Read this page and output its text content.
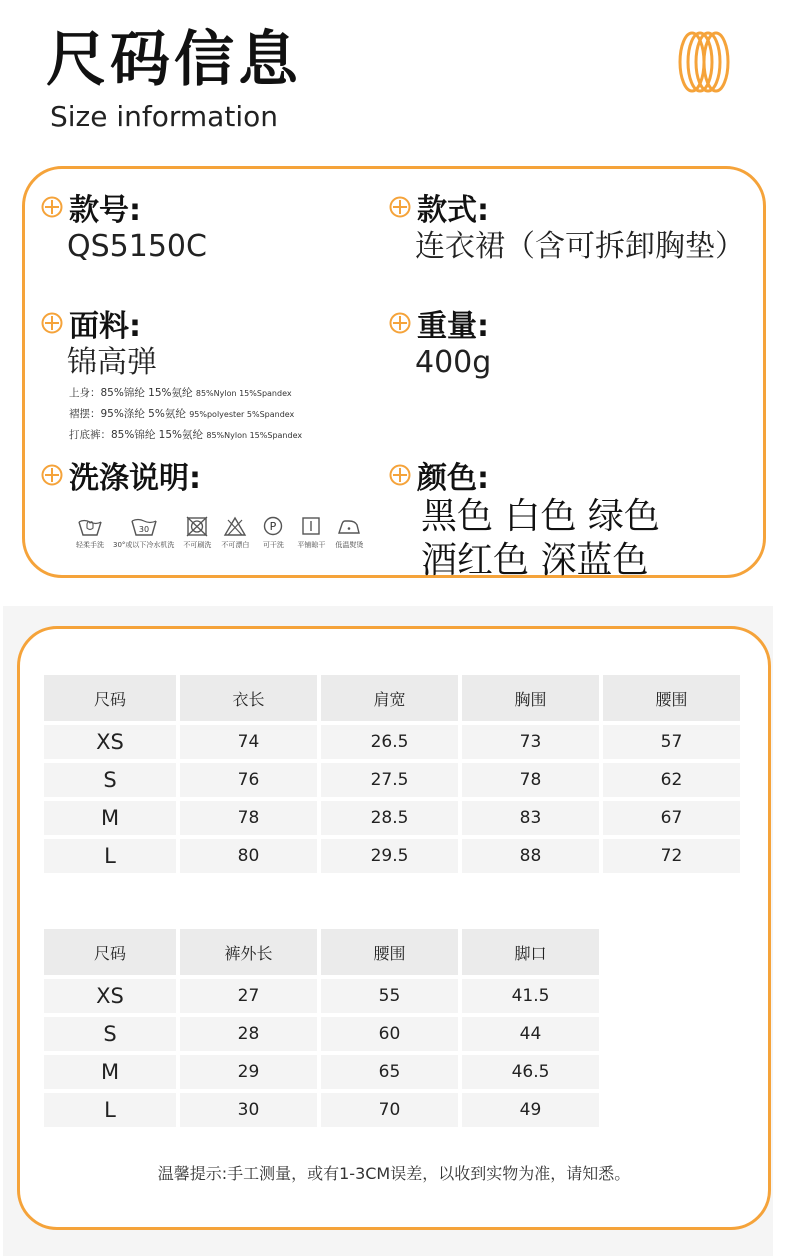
尺码信息
Size information
款号:
QS5150C
款式:
连衣裙（含可拆卸胸垫）
面料:
锦高弹
上身：85%锦纶 15%氨纶 85%Nylon 15%Spandex
褶摆：95%涤纶 5%氨纶 95%polyester 5%Spandex
打底裤：85%锦纶 15%氨纶 85%Nylon 15%Spandex
重量:
400g
洗涤说明:
轻柔手洗
30
30°或以下冷水机洗 不可刷洗 不可漂白
P
可干洗 平铺晾干 低温熨烫
颜色:
黑色 白色 绿色
酒红色 深蓝色
尺码	衣长	肩宽	胸围	腰围
XS	74	26.5	73	57
S	76	27.5	78	62
M	78	28.5	83	67
L	80	29.5	88	72
尺码	裤外长	腰围	脚口
XS	27	55	41.5
S	28	60	44
M	29	65	46.5
L	30	70	49
温馨提示:手工测量，或有1-3CM误差，以收到实物为准，请知悉。
